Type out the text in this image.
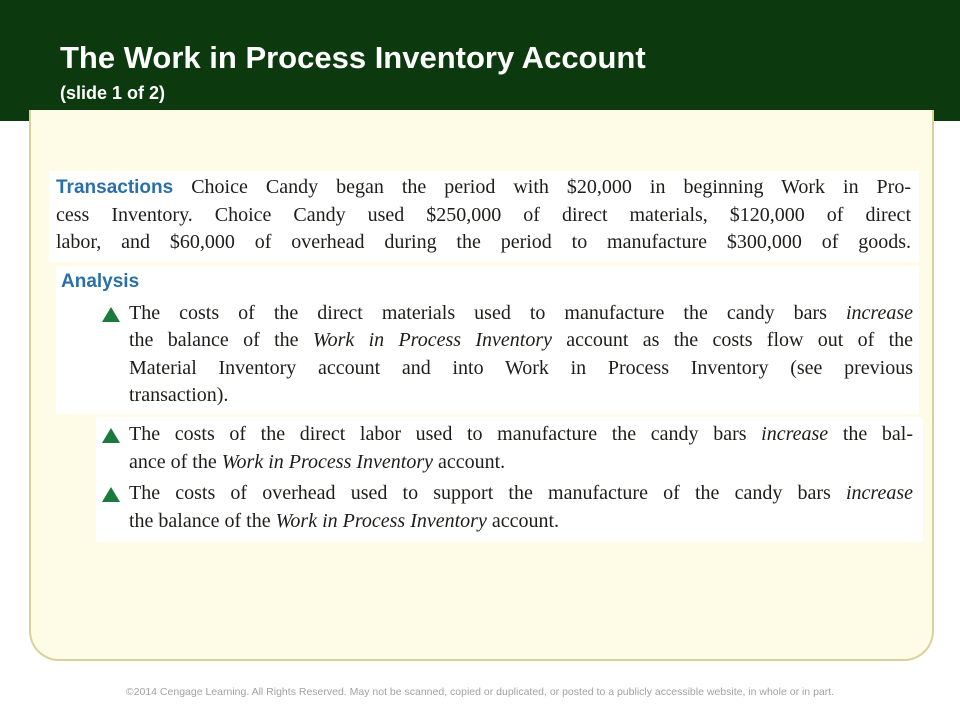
The Work in Process Inventory Account
(slide 1 of 2)
Transactions Choice Candy began the period with $20,000 in beginning Work in Pro-
cess Inventory. Choice Candy used $250,000 of direct materials, $120,000 of direct
labor, and $60,000 of overhead during the period to manufacture $300,000 of goods.
Analysis
The costs of the direct materials used to manufacture the candy bars increase
the balance of the Work in Process Inventory account as the costs flow out of the
Material Inventory account and into Work in Process Inventory (see previous
transaction).
The costs of the direct labor used to manufacture the candy bars increase the bal-
ance of the Work in Process Inventory account.
The costs of overhead used to support the manufacture of the candy bars increase
the balance of the Work in Process Inventory account.
©2014 Cengage Learning. All Rights Reserved. May not be scanned, copied or duplicated, or posted to a publicly accessible website, in whole or in part.
